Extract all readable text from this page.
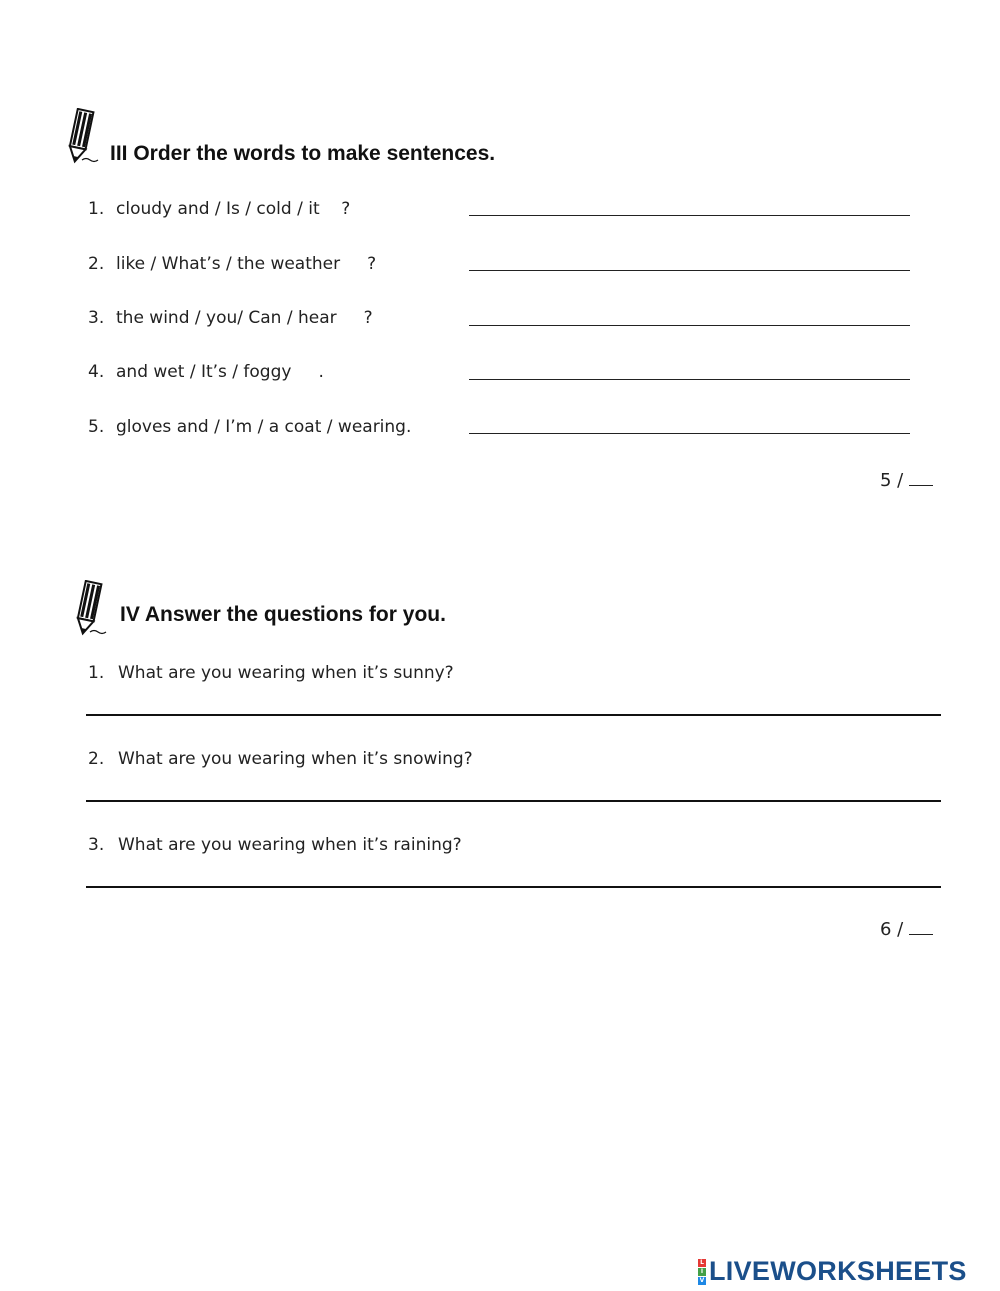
III Order the words to make sentences.
1. cloudy and / Is / cold / it    ?
2. like / What’s / the weather     ?
3. the wind / you/ Can / hear     ?
4. and wet / It’s / foggy     .
5. gloves and / I’m / a coat / wearing.
5 /
IV Answer the questions for you.
1. What are you wearing when it’s sunny?
2. What are you wearing when it’s snowing?
3. What are you wearing when it’s raining?
6 /
L
I
V LIVEWORKSHEETS
